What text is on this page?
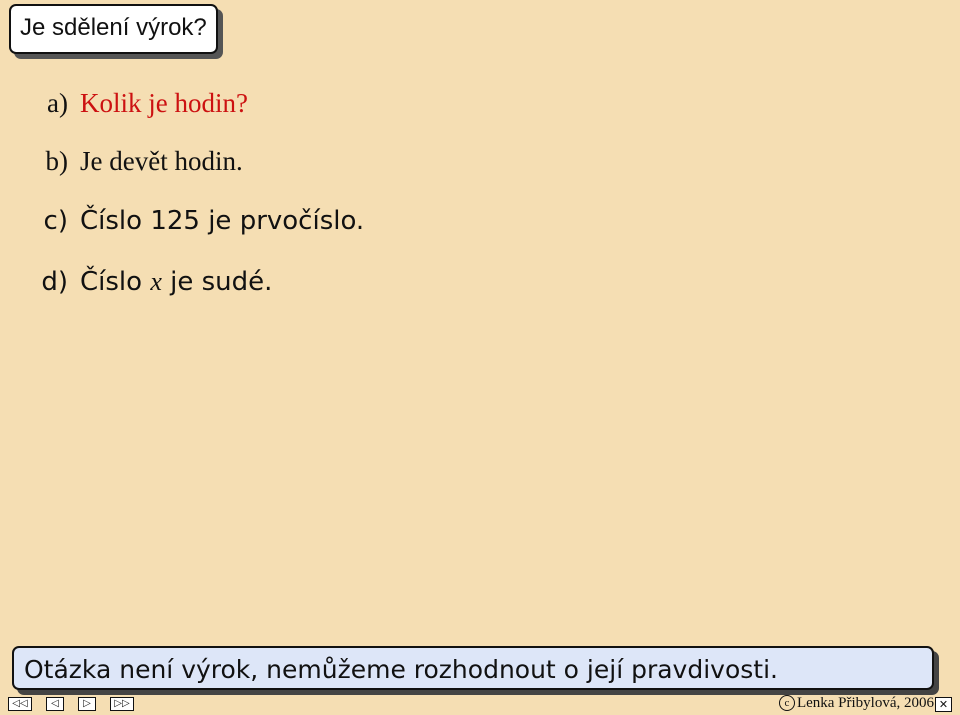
Je sdělení výrok?
a) Kolik je hodin?
b) Je devět hodin.
c) Číslo 125 je prvočíslo.
d) Číslo x je sudé.
Otázka není výrok, nemůžeme rozhodnout o její pravdivosti.
◁◁	◁	▷	▷▷	c Lenka Přibylová, 2006 ✕
